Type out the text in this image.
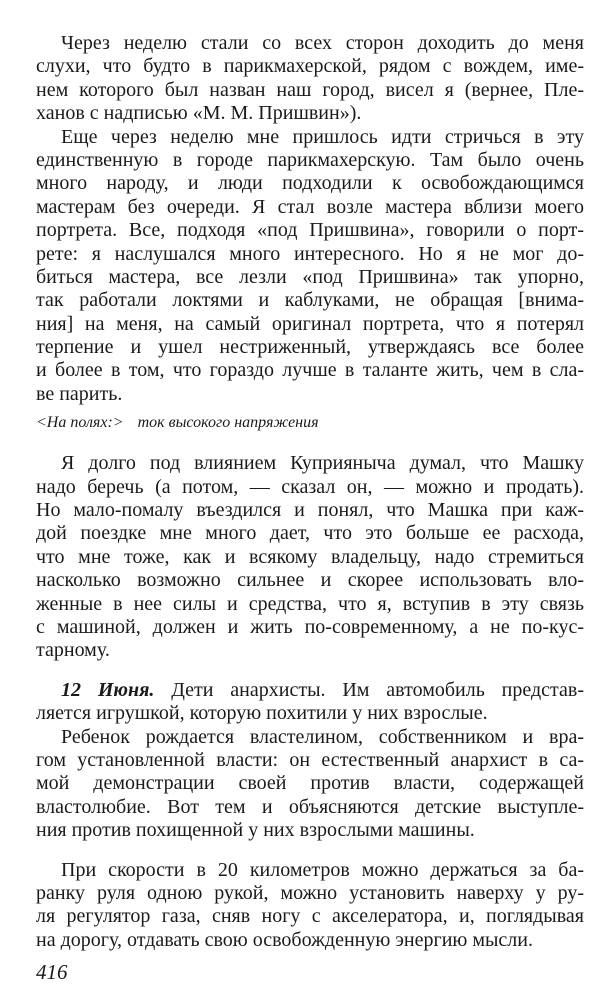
Через неделю стали со всех сторон доходить до меня
слухи, что будто в парикмахерской, рядом с вождем, име-
нем которого был назван наш город, висел я (вернее, Пле-
ханов с надписью «М. М. Пришвин»).
Еще через неделю мне пришлось идти стричься в эту
единственную в городе парикмахерскую. Там было очень
много народу, и люди подходили к освобождающимся
мастерам без очереди. Я стал возле мастера вблизи моего
портрета. Все, подходя «под Пришвина», говорили о порт-
рете: я наслушался много интересного. Но я не мог до-
биться мастера, все лезли «под Пришвина» так упорно,
так работали локтями и каблуками, не обращая [внима-
ния] на меня, на самый оригинал портрета, что я потерял
терпение и ушел нестриженный, утверждаясь все более
и более в том, что гораздо лучше в таланте жить, чем в сла-
ве парить.
<На полях:> ток высокого напряжения
Я долго под влиянием Куприяныча думал, что Машку
надо беречь (а потом, — сказал он, — можно и продать).
Но мало-помалу въездился и понял, что Машка при каж-
дой поездке мне много дает, что это больше ее расхода,
что мне тоже, как и всякому владельцу, надо стремиться
насколько возможно сильнее и скорее использовать вло-
женные в нее силы и средства, что я, вступив в эту связь
с машиной, должен и жить по-современному, а не по-кус-
тарному.
12 Июня. Дети анархисты. Им автомобиль представ-
ляется игрушкой, которую похитили у них взрослые.
Ребенок рождается властелином, собственником и вра-
гом установленной власти: он естественный анархист в са-
мой демонстрации своей против власти, содержащей
властолюбие. Вот тем и объясняются детские выступле-
ния против похищенной у них взрослыми машины.
При скорости в 20 километров можно держаться за ба-
ранку руля одною рукой, можно установить наверху у ру-
ля регулятор газа, сняв ногу с акселератора, и, поглядывая
на дорогу, отдавать свою освобожденную энергию мысли.
416
